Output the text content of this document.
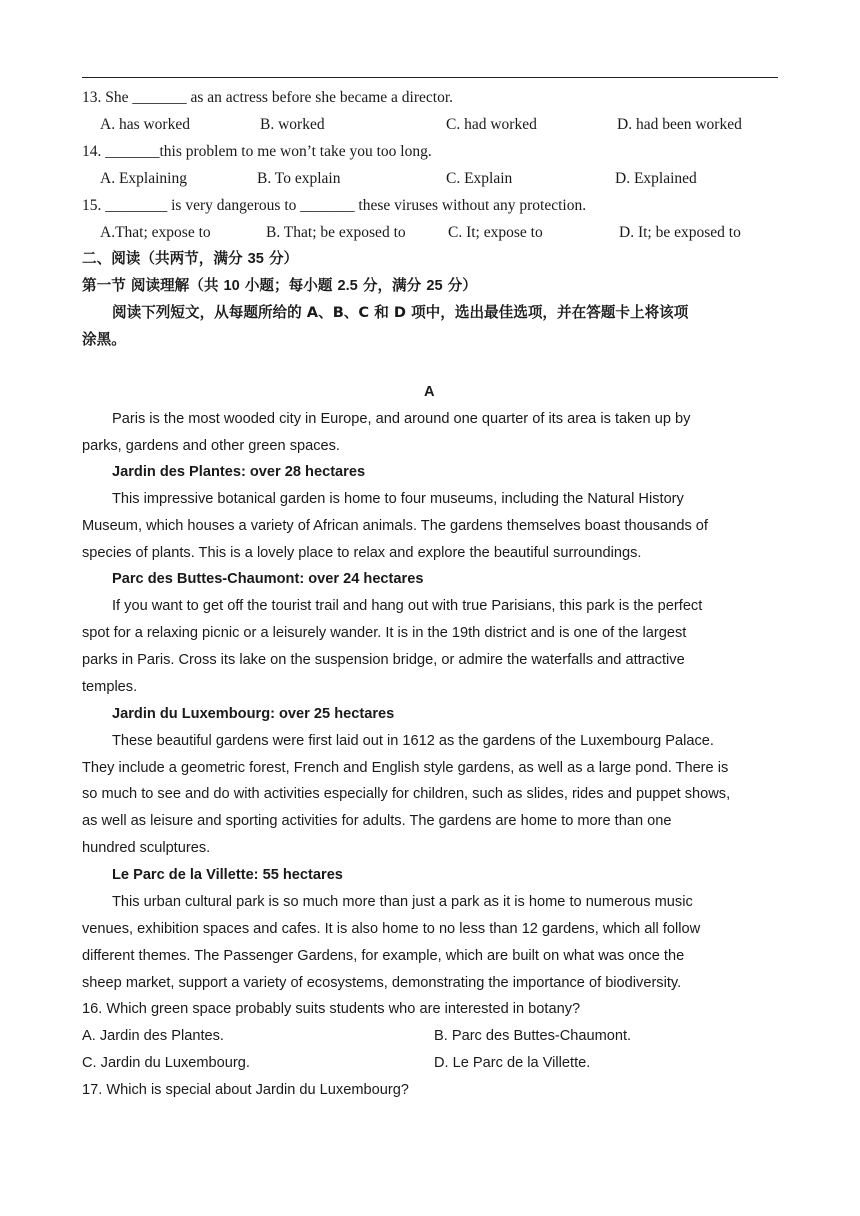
13. She _______ as an actress before she became a director.
A. has worked	B. worked	C. had worked	D. had been worked
14. _______this problem to me won’t take you too long.
A. Explaining	B. To explain	C. Explain	D. Explained
15. ________ is very dangerous to _______ these viruses without any protection.
A.That; expose to	B. That; be exposed to	C. It; expose to	D. It; be exposed to
二、阅读（共两节，满分 35 分）
第一节 阅读理解（共 10 小题；每小题 2.5 分，满分 25 分）
阅读下列短文，从每题所给的 A、B、C 和 D 项中，选出最佳选项，并在答题卡上将该项
涂黑。
A
Paris is the most wooded city in Europe, and around one quarter of its area is taken up by
parks, gardens and other green spaces.
Jardin des Plantes: over 28 hectares
This impressive botanical garden is home to four museums, including the Natural History
Museum, which houses a variety of African animals. The gardens themselves boast thousands of
species of plants. This is a lovely place to relax and explore the beautiful surroundings.
Parc des Buttes-Chaumont: over 24 hectares
If you want to get off the tourist trail and hang out with true Parisians, this park is the perfect
spot for a relaxing picnic or a leisurely wander. It is in the 19th district and is one of the largest
parks in Paris. Cross its lake on the suspension bridge, or admire the waterfalls and attractive
temples.
Jardin du Luxembourg: over 25 hectares
These beautiful gardens were first laid out in 1612 as the gardens of the Luxembourg Palace.
They include a geometric forest, French and English style gardens, as well as a large pond. There is
so much to see and do with activities especially for children, such as slides, rides and puppet shows,
as well as leisure and sporting activities for adults. The gardens are home to more than one
hundred sculptures.
Le Parc de la Villette: 55 hectares
This urban cultural park is so much more than just a park as it is home to numerous music
venues, exhibition spaces and cafes. It is also home to no less than 12 gardens, which all follow
different themes. The Passenger Gardens, for example, which are built on what was once the
sheep market, support a variety of ecosystems, demonstrating the importance of biodiversity.
16. Which green space probably suits students who are interested in botany?
A. Jardin des Plantes.	B. Parc des Buttes-Chaumont.
C. Jardin du Luxembourg.	D. Le Parc de la Villette.
17. Which is special about Jardin du Luxembourg?
